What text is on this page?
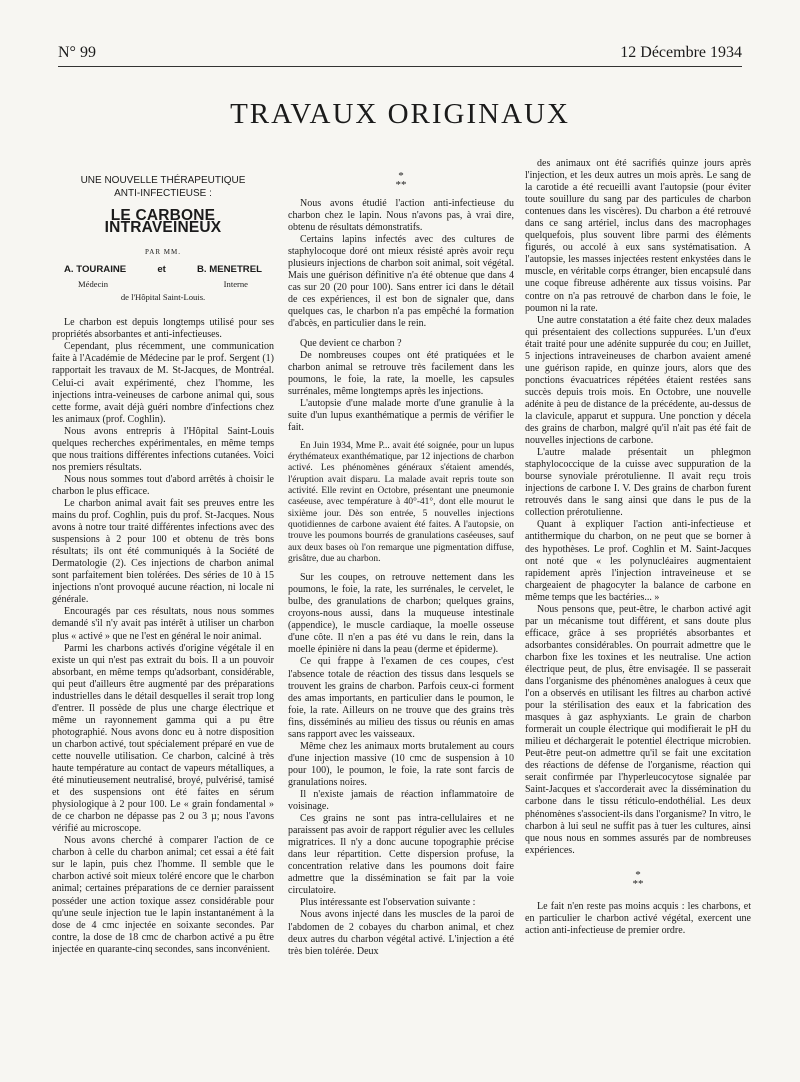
N° 99	12 Décembre 1934
TRAVAUX ORIGINAUX
UNE NOUVELLE THÉRAPEUTIQUE
ANTI-INFECTIEUSE :
LE CARBONE INTRAVEINEUX
PAR MM.
A. TOURAINE	et	B. MENETREL
Médecin	Interne
de l'Hôpital Saint-Louis.

Le charbon est depuis longtemps utilisé pour ses propriétés absorbantes et anti-infectieuses.

Cependant, plus récemment, une communication faite à l'Académie de Médecine par le prof. Sergent (1) rapportait les travaux de M. St-Jacques, de Montréal. Celui-ci avait expérimenté, chez l'homme, les injections intra-veineuses de carbone animal qui, sous cette forme, avait déjà guéri nombre d'infections chez les animaux (prof. Coghlin).

Nous avons entrepris à l'Hôpital Saint-Louis quelques recherches expérimentales, en même temps que nous traitions différentes infections cutanées. Voici nos premiers résultats.

Nous nous sommes tout d'abord arrêtés à choisir le charbon le plus efficace.

Le charbon animal avait fait ses preuves entre les mains du prof. Coghlin, puis du prof. St-Jacques. Nous avons à notre tour traité différentes infections avec des suspensions à 2 pour 100 et obtenu de très bons résultats; ils ont été communiqués à la Société de Dermatologie (2). Ces injections de charbon animal sont parfaitement bien tolérées. Des séries de 10 à 15 injections n'ont provoqué aucune réaction, ni locale ni générale.

Encouragés par ces résultats, nous nous sommes demandé s'il n'y avait pas intérêt à utiliser un charbon plus « activé » que ne l'est en général le noir animal.

Parmi les charbons activés d'origine végétale il en existe un qui n'est pas extrait du bois. Il a un pouvoir absorbant, en même temps qu'adsorbant, considérable, qui peut d'ailleurs être augmenté par des préparations industrielles dans le détail desquelles il serait trop long d'entrer. Il possède de plus une charge électrique et même un rayonnement gamma qui a pu être photographié. Nous avons donc eu à notre disposition un charbon activé, tout spécialement préparé en vue de cette nouvelle utilisation. Ce charbon, calciné à très haute température au contact de vapeurs métalliques, a été minutieusement neutralisé, broyé, pulvérisé, tamisé et des suspensions ont été faites en sérum physiologique à 2 pour 100. Le « grain fondamental » de ce charbon ne dépasse pas 2 ou 3 µ; nous l'avons vérifié au microscope.

Nous avons cherché à comparer l'action de ce charbon à celle du charbon animal; cet essai a été fait sur le lapin, puis chez l'homme. Il semble que le charbon activé soit mieux toléré encore que le charbon animal; certaines préparations de ce dernier paraissent posséder une action toxique assez considérable pour qu'une seule injection tue le lapin instantanément à la dose de 4 cmc injectée en soixante secondes. Par contre, la dose de 18 cmc de charbon activé a pu être injectée en quarante-cinq secondes, sans inconvénient.

*
**

Nous avons étudié l'action anti-infectieuse du charbon chez le lapin. Nous n'avons pas, à vrai dire, obtenu de résultats démonstratifs.

Certains lapins infectés avec des cultures de staphylocoque doré ont mieux résisté après avoir reçu plusieurs injections de charbon soit animal, soit végétal. Mais une guérison définitive n'a été obtenue que dans 4 cas sur 20 (20 pour 100). Sans entrer ici dans le détail de ces expériences, il est bon de signaler que, dans quelques cas, le charbon n'a pas empêché la formation d'abcès, en particulier dans le rein.

Que devient ce charbon ?

De nombreuses coupes ont été pratiquées et le charbon animal se retrouve très facilement dans les poumons, le foie, la rate, la moelle, les capsules surrénales, même longtemps après les injections.

L'autopsie d'une malade morte d'une granulie à la suite d'un lupus exanthématique a permis de vérifier le fait.

En Juin 1934, Mme P... avait été soignée, pour un lupus érythémateux exanthématique, par 12 injections de charbon activé. Les phénomènes généraux s'étaient amendés, l'éruption avait disparu. La malade avait repris toute son activité. Elle revint en Octobre, présentant une pneumonie caséeuse, avec température à 40°-41°, dont elle mourut le sixième jour. Dès son entrée, 5 nouvelles injections quotidiennes de carbone avaient été faites. A l'autopsie, on trouve les poumons bourrés de granulations caséeuses, sauf aux deux bases où l'on remarque une pigmentation diffuse, grisâtre, due au charbon.

Sur les coupes, on retrouve nettement dans les poumons, le foie, la rate, les surrénales, le cervelet, le bulbe, des granulations de charbon; quelques grains, croyons-nous aussi, dans la muqueuse intestinale (appendice), le muscle cardiaque, la moelle osseuse d'une côte. Il n'en a pas été vu dans le rein, dans la moelle épinière ni dans la peau (derme et épiderme).

Ce qui frappe à l'examen de ces coupes, c'est l'absence totale de réaction des tissus dans lesquels se trouvent les grains de charbon. Parfois ceux-ci forment des amas importants, en particulier dans le poumon, le foie, la rate. Ailleurs on ne trouve que des grains très fins, disséminés au milieu des tissus ou réunis en amas sans rapport avec les vaisseaux.

Même chez les animaux morts brutalement au cours d'une injection massive (10 cmc de suspension à 10 pour 100), le poumon, le foie, la rate sont farcis de granulations noires.

Il n'existe jamais de réaction inflammatoire de voisinage.

Ces grains ne sont pas intra-cellulaires et ne paraissent pas avoir de rapport régulier avec les cellules migratrices. Il n'y a donc aucune topographie précise dans leur répartition. Cette dispersion profuse, la concentration relative dans les poumons doit faire admettre que la dissémination se fait par la voie circulatoire.

Plus intéressante est l'observation suivante :

Nous avons injecté dans les muscles de la paroi de l'abdomen de 2 cobayes du charbon animal, et chez deux autres du charbon végétal activé. L'injection a été très bien tolérée. Deux

des animaux ont été sacrifiés quinze jours après l'injection, et les deux autres un mois après. Le sang de la carotide a été recueilli avant l'autopsie (pour éviter toute souillure du sang par des particules de charbon contenues dans les viscères). Du charbon a été retrouvé dans ce sang artériel, inclus dans des macrophages quelquefois, plus souvent libre parmi des éléments figurés, ou accolé à eux sans systématisation. A l'autopsie, les masses injectées restent enkystées dans le muscle, en véritable corps étranger, bien encapsulé dans une coque fibreuse adhérente aux tissus voisins. Par contre on n'a pas retrouvé de charbon dans le foie, le poumon ni la rate.

Une autre constatation a été faite chez deux malades qui présentaient des collections suppurées. L'un d'eux était traité pour une adénite suppurée du cou; en Juillet, 5 injections intraveineuses de charbon avaient amené une guérison rapide, en quinze jours, alors que des ponctions évacuatrices répétées étaient restées sans succès depuis trois mois. En Octobre, une nouvelle adénite à peu de distance de la précédente, au-dessus de la clavicule, apparut et suppura. Une ponction y décela des grains de charbon, malgré qu'il n'ait pas été fait de nouvelles injections de carbone.

L'autre malade présentait un phlegmon staphylococcique de la cuisse avec suppuration de la bourse synoviale prérotulienne. Il avait reçu trois injections de carbone I. V. Des grains de charbon furent retrouvés dans le sang ainsi que dans le pus de la collection prérotulienne.

Quant à expliquer l'action anti-infectieuse et antithermique du charbon, on ne peut que se borner à des hypothèses. Le prof. Coghlin et M. Saint-Jacques ont noté que « les polynucléaires augmentaient rapidement après l'injection intraveineuse et se chargeaient de phagocyter la balance de carbone en même temps que les bactéries... »

Nous pensons que, peut-être, le charbon activé agit par un mécanisme tout différent, et sans doute plus efficace, grâce à ses propriétés absorbantes et adsorbantes considérables. On pourrait admettre que le charbon fixe les toxines et les neutralise. Une action électrique peut, de plus, être envisagée. Il se passerait dans l'organisme des phénomènes analogues à ceux que l'on a observés en utilisant les filtres au charbon activé pour la stérilisation des eaux et la fabrication des masques à gaz asphyxiants. Le grain de charbon formerait un couple électrique qui modifierait le pH du milieu et déchargerait le potentiel électrique microbien. Peut-être peut-on admettre qu'il se fait une excitation des réactions de défense de l'organisme, réaction qui serait confirmée par l'hyperleucocytose signalée par Saint-Jacques et s'accorderait avec la dissémination du carbone dans le tissu réticulo-endothélial. Les deux phénomènes s'associent-ils dans l'organisme? In vitro, le charbon à lui seul ne suffit pas à tuer les cultures, ainsi que nous nous en sommes assurés par de nombreuses expériences.

*
**

Le fait n'en reste pas moins acquis : les charbons, et en particulier le charbon activé végétal, exercent une action anti-infectieuse de premier ordre.
